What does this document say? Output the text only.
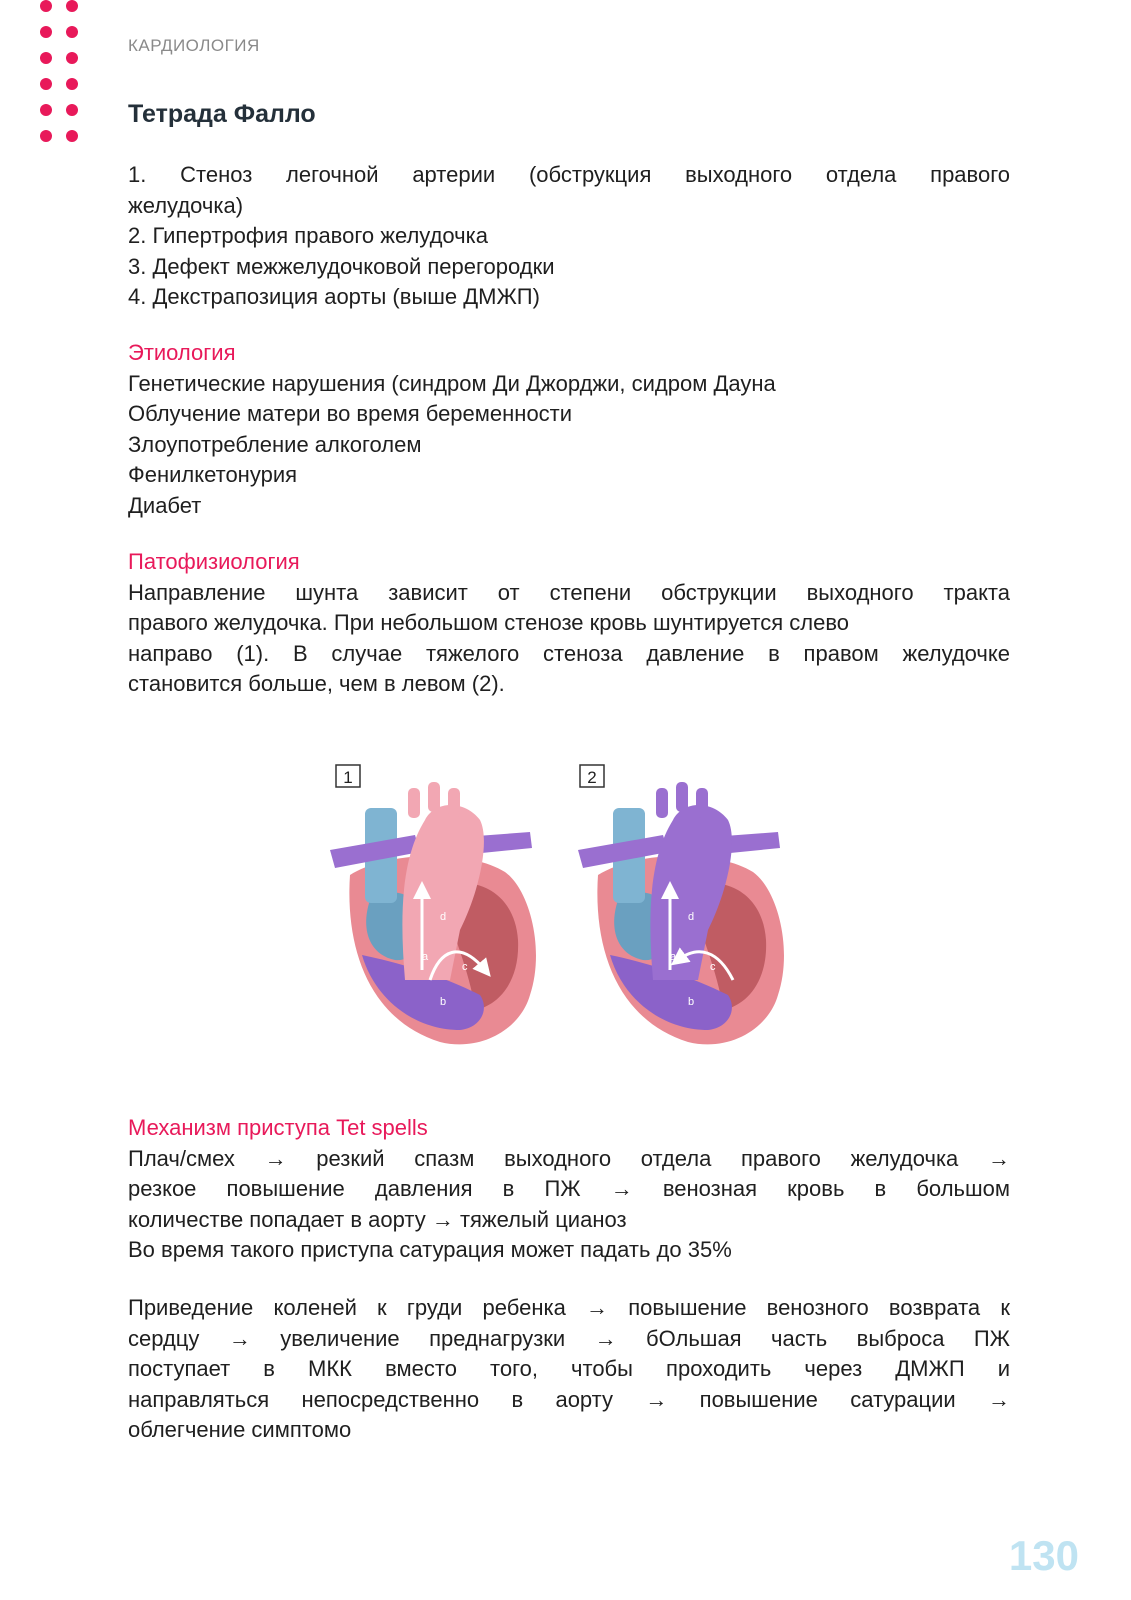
КАРДИОЛОГИЯ
Тетрада Фалло
1. Стеноз легочной артерии (обструкция выходного отдела правого
желудочка)
2. Гипертрофия правого желудочка
3. Дефект межжелудочковой перегородки
4. Декстрапозиция аорты (выше ДМЖП)
Этиология
Генетические нарушения (синдром Ди Джорджи, сидром Дауна
Облучение матери во время беременности
Злоупотребление алкоголем
Фенилкетонурия
Диабет
Патофизиология
Направление шунта зависит от степени обструкции выходного тракта
правого желудочка. При небольшом стенозе кровь шунтируется слево
направо (1). В случае тяжелого стеноза давление в правом желудочке
становится больше, чем в левом (2).
1
d
a
c
b
2
d
a
c
b
Механизм приступа Tet spells
Плач/смех → резкий спазм выходного отдела правого желудочка →
резкое повышение давления в ПЖ → венозная кровь в большом
количестве попадает в аорту → тяжелый цианоз
Во время такого приступа сатурация может падать до 35%
Приведение коленей к груди ребенка → повышение венозного возврата к
сердцу → увеличение преднагрузки → бОльшая часть выброса ПЖ
поступает в МКК вместо того, чтобы проходить через ДМЖП и
направляться непосредственно в аорту → повышение сатурации →
облегчение симптомо
130
